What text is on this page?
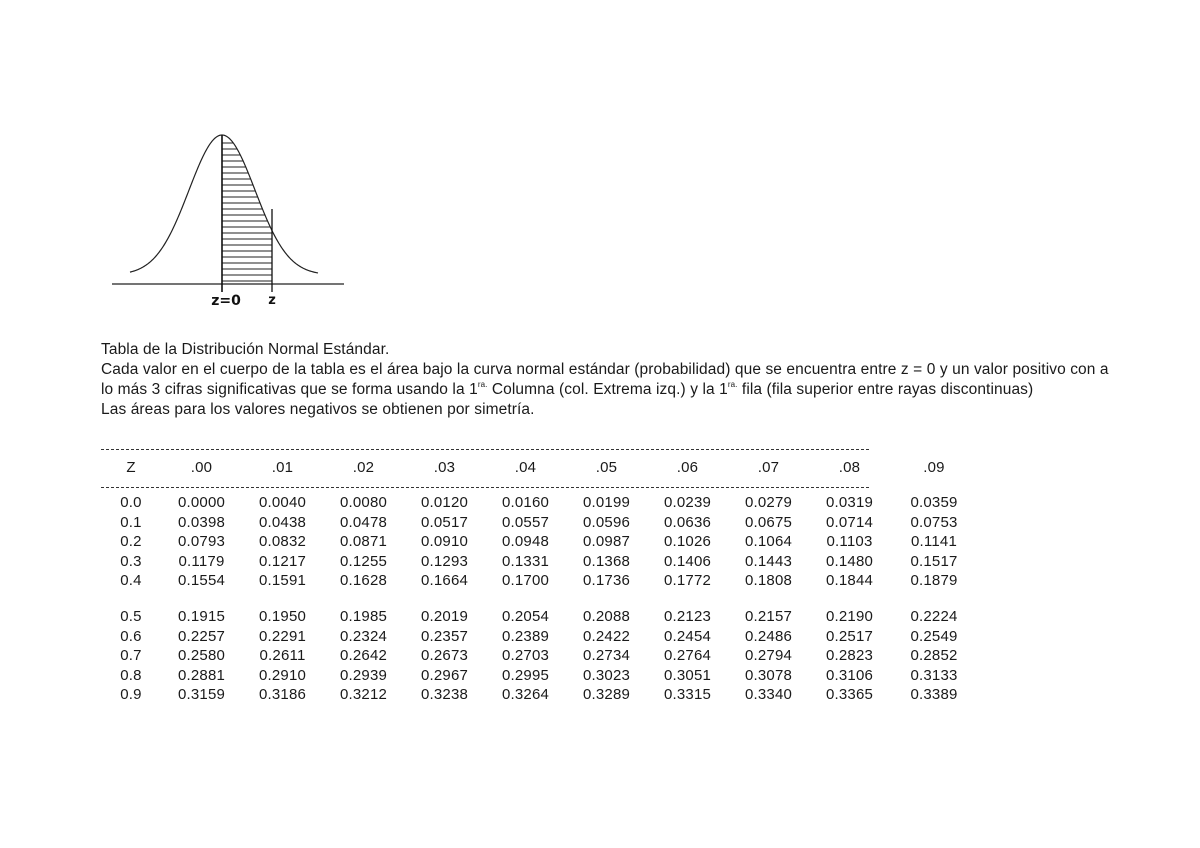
z=0 z

Tabla de la Distribución Normal Estándar.

Cada valor en el cuerpo de la tabla es el área bajo la curva normal estándar (probabilidad) que se encuentra entre z = 0 y un valor positivo con a lo más 3 cifras significativas que se forma usando la $1^{ra.}$ Columna (col. Extrema izq.) y la $1^{ra.}$ fila (fila superior entre rayas discontinuas)

Las áreas para los valores negativos se obtienen por simetría.

Z	.00	.01	.02	.03	.04	.05	.06	.07	.08	.09

0.0	0.0000	0.0040	0.0080	0.0120	0.0160	0.0199	0.0239	0.0279	0.0319	0.0359
0.1	0.0398	0.0438	0.0478	0.0517	0.0557	0.0596	0.0636	0.0675	0.0714	0.0753
0.2	0.0793	0.0832	0.0871	0.0910	0.0948	0.0987	0.1026	0.1064	0.1103	0.1141
0.3	0.1179	0.1217	0.1255	0.1293	0.1331	0.1368	0.1406	0.1443	0.1480	0.1517
0.4	0.1554	0.1591	0.1628	0.1664	0.1700	0.1736	0.1772	0.1808	0.1844	0.1879

0.5	0.1915	0.1950	0.1985	0.2019	0.2054	0.2088	0.2123	0.2157	0.2190	0.2224
0.6	0.2257	0.2291	0.2324	0.2357	0.2389	0.2422	0.2454	0.2486	0.2517	0.2549
0.7	0.2580	0.2611	0.2642	0.2673	0.2703	0.2734	0.2764	0.2794	0.2823	0.2852
0.8	0.2881	0.2910	0.2939	0.2967	0.2995	0.3023	0.3051	0.3078	0.3106	0.3133
0.9	0.3159	0.3186	0.3212	0.3238	0.3264	0.3289	0.3315	0.3340	0.3365	0.3389
